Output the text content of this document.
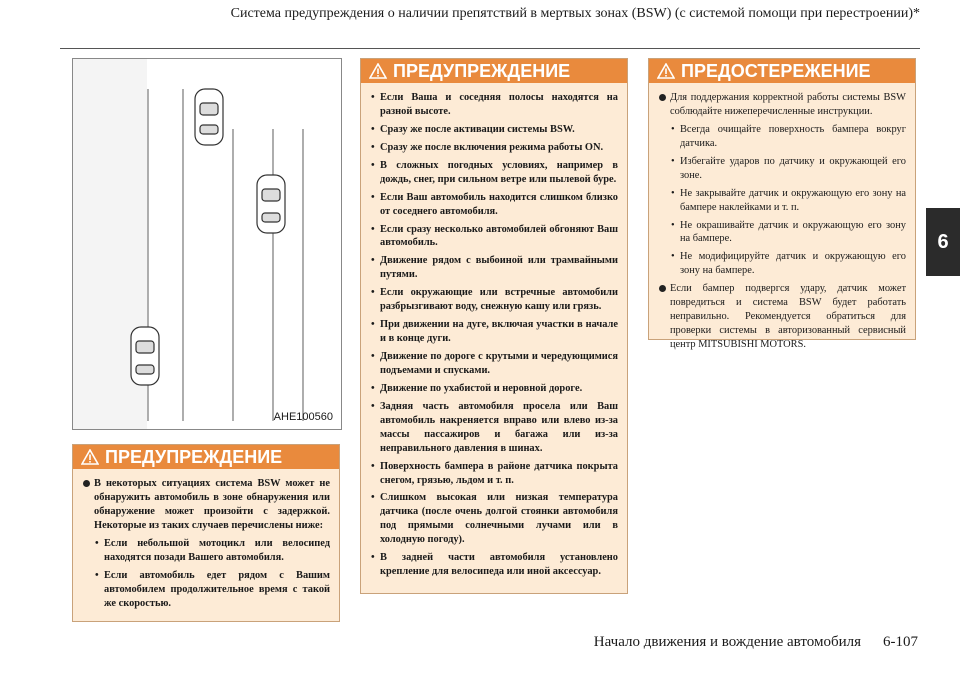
Система предупреждения о наличии препятствий в мертвых зонах (BSW) (с системой помощи при перестроении)*
6
AHE100560
ПРЕДУПРЕЖДЕНИЕ
В некоторых ситуациях система BSW может не обнаружить автомобиль в зоне обнаружения или обнаружение может произойти с задержкой. Некоторые из таких случаев перечислены ниже:
• Если небольшой мотоцикл или велосипед находятся позади Вашего автомобиля.
• Если автомобиль едет рядом с Вашим автомобилем продолжительное время с такой же скоростью.
ПРЕДУПРЕЖДЕНИЕ
• Если Ваша и соседняя полосы находятся на разной высоте.
• Сразу же после активации системы BSW.
• Сразу же после включения режима работы ON.
• В сложных погодных условиях, например в дождь, снег, при сильном ветре или пылевой буре.
• Если Ваш автомобиль находится слишком близко от соседнего автомобиля.
• Если сразу несколько автомобилей обгоняют Ваш автомобиль.
• Движение рядом с выбоиной или трамвайными путями.
• Если окружающие или встречные автомобили разбрызгивают воду, снежную кашу или грязь.
• При движении на дуге, включая участки в начале и в конце дуги.
• Движение по дороге с крутыми и чередующимися подъемами и спусками.
• Движение по ухабистой и неровной дороге.
• Задняя часть автомобиля просела или Ваш автомобиль накреняется вправо или влево из-за массы пассажиров и багажа или из-за неправильного давления в шинах.
• Поверхность бампера в районе датчика покрыта снегом, грязью, льдом и т. п.
• Слишком высокая или низкая температура датчика (после очень долгой стоянки автомобиля под прямыми солнечными лучами или в холодную погоду).
• В задней части автомобиля установлено крепление для велосипеда или иной аксессуар.
ПРЕДОСТЕРЕЖЕНИЕ
Для поддержания корректной работы системы BSW соблюдайте нижеперечисленные инструкции.
• Всегда очищайте поверхность бампера вокруг датчика.
• Избегайте ударов по датчику и окружающей его зоне.
• Не закрывайте датчик и окружающую его зону на бампере наклейками и т. п.
• Не окрашивайте датчик и окружающую его зону на бампере.
• Не модифицируйте датчик и окружающую его зону на бампере.
Если бампер подвергся удару, датчик может повредиться и система BSW будет работать неправильно. Рекомендуется обратиться для проверки системы в авторизованный сервисный центр MITSUBISHI MOTORS.
Начало движения и вождение автомобиля 6-107
